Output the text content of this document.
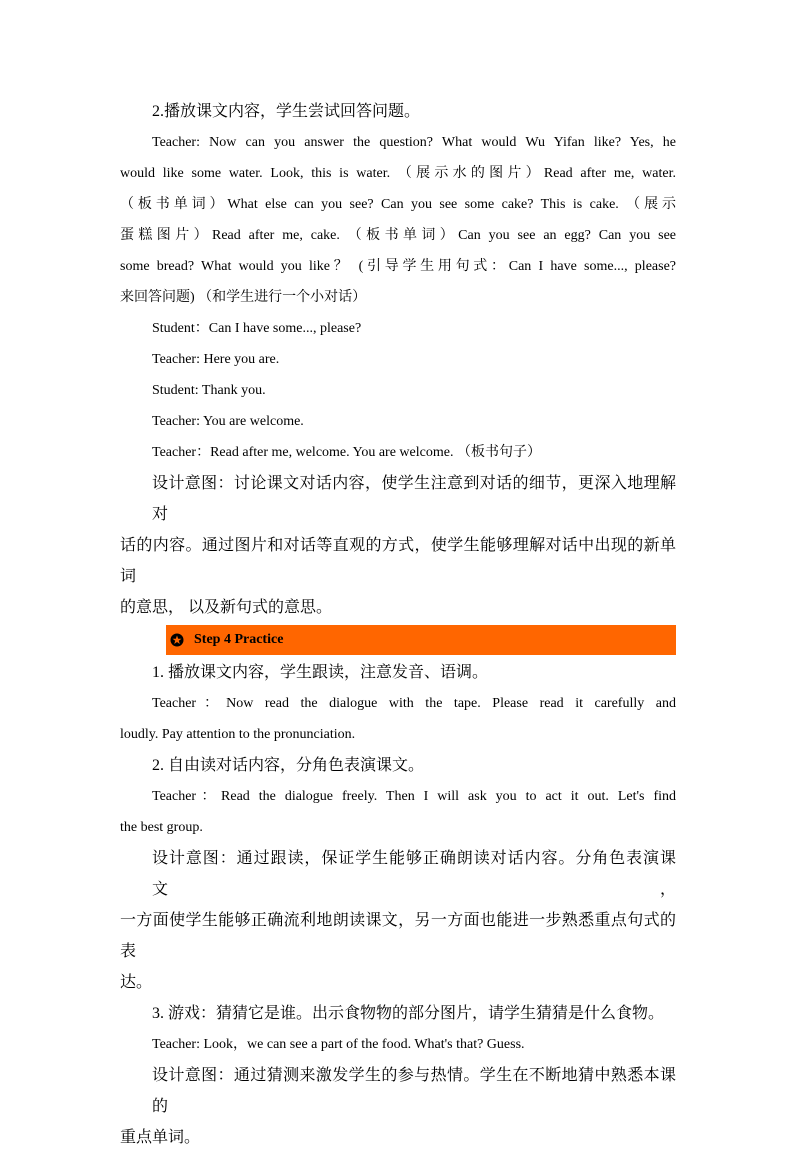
2.播放课文内容，学生尝试回答问题。
Teacher: Now can you answer the question? What would Wu Yifan like? Yes, he
would like some water. Look, this is water. （展示水的图片）Read after me, water.
（板书单词）What else can you see? Can you see some cake? This is cake. （展示
蛋糕图片）Read after me, cake. （板书单词）Can you see an egg? Can you see
some bread? What would you like？ (引导学生用句式：Can I have some..., please?
来回答问题) （和学生进行一个小对话）
Student：Can I have some..., please?
Teacher: Here you are.
Student: Thank you.
Teacher: You are welcome.
Teacher：Read after me, welcome. You are welcome. （板书句子）
设计意图：讨论课文对话内容，使学生注意到对话的细节，更深入地理解对
话的内容。通过图片和对话等直观的方式，使学生能够理解对话中出现的新单词
的意思， 以及新句式的意思。
Step 4 Practice
1. 播放课文内容，学生跟读，注意发音、语调。
Teacher：Now read the dialogue with the tape. Please read it carefully and
loudly. Pay attention to the pronunciation.
2. 自由读对话内容，分角色表演课文。
Teacher：Read the dialogue freely. Then I will ask you to act it out. Let's find
the best group.
设计意图：通过跟读，保证学生能够正确朗读对话内容。分角色表演课文，
一方面使学生能够正确流利地朗读课文，另一方面也能进一步熟悉重点句式的表
达。
3. 游戏：猜猜它是谁。出示食物物的部分图片，请学生猜猜是什么食物。
Teacher: Look，we can see a part of the food. What's that? Guess.
设计意图：通过猜测来激发学生的参与热情。学生在不断地猜中熟悉本课的
重点单词。
